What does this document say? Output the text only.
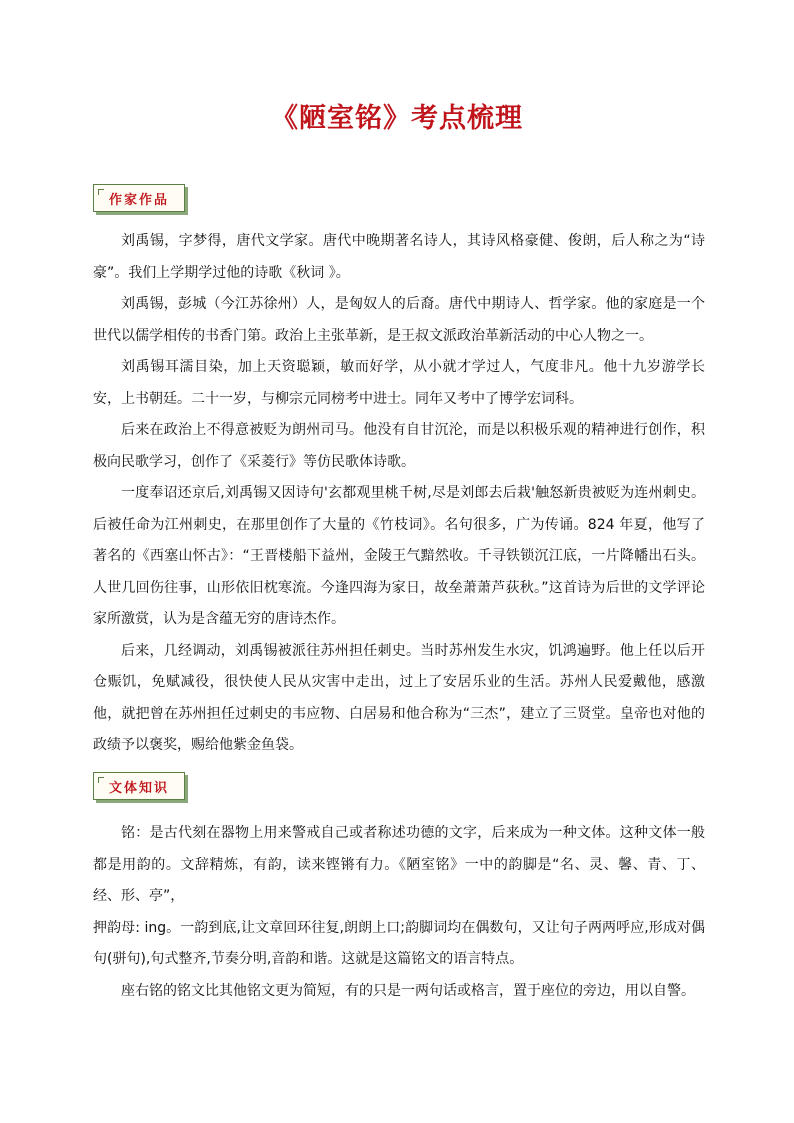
《陋室铭》考点梳理
作家作品

刘禹锡，字梦得，唐代文学家。唐代中晚期著名诗人，其诗风格豪健、俊朗，后人称之为“诗豪”。我们上学期学过他的诗歌《秋词 》。

刘禹锡，彭城（今江苏徐州）人，是匈奴人的后裔。唐代中期诗人、哲学家。他的家庭是一个世代以儒学相传的书香门第。政治上主张革新，是王叔文派政治革新活动的中心人物之一。

刘禹锡耳濡目染，加上天资聪颖，敏而好学，从小就才学过人，气度非凡。他十九岁游学长安，上书朝廷。二十一岁，与柳宗元同榜考中进士。同年又考中了博学宏词科。

后来在政治上不得意被贬为朗州司马。他没有自甘沉沦，而是以积极乐观的精神进行创作，积极向民歌学习，创作了《采菱行》等仿民歌体诗歌。

一度奉诏还京后,刘禹锡又因诗句'玄都观里桃千树,尽是刘郎去后栽'触怒新贵被贬为连州刺史。后被任命为江州刺史，在那里创作了大量的《竹枝词》。名句很多，广为传诵。824 年夏，他写了著名的《西塞山怀古》：“王晋楼船下益州，金陵王气黯然收。千寻铁锁沉江底，一片降幡出石头。人世几回伤往事，山形依旧枕寒流。今逢四海为家日，故垒萧萧芦荻秋。”这首诗为后世的文学评论家所激赏，认为是含蕴无穷的唐诗杰作。

后来，几经调动，刘禹锡被派往苏州担任刺史。当时苏州发生水灾，饥鸿遍野。他上任以后开仓赈饥，免赋减役，很快使人民从灾害中走出，过上了安居乐业的生活。苏州人民爱戴他，感激他，就把曾在苏州担任过刺史的韦应物、白居易和他合称为“三杰”，建立了三贤堂。皇帝也对他的政绩予以褒奖，赐给他紫金鱼袋。

文体知识

铭：是古代刻在器物上用来警戒自己或者称述功德的文字，后来成为一种文体。这种文体一般都是用韵的。文辞精炼，有韵，读来铿锵有力。《陋室铭》一中的韵脚是“名、灵、馨、青、丁、经、形、亭”，

押韵母: ing。一韵到底,让文章回环往复,朗朗上口;韵脚词均在偶数句，又让句子两两呼应,形成对偶句(骈句),句式整齐,节奏分明,音韵和谐。这就是这篇铭文的语言特点。

座右铭的铭文比其他铭文更为简短，有的只是一两句话或格言，置于座位的旁边，用以自警。
